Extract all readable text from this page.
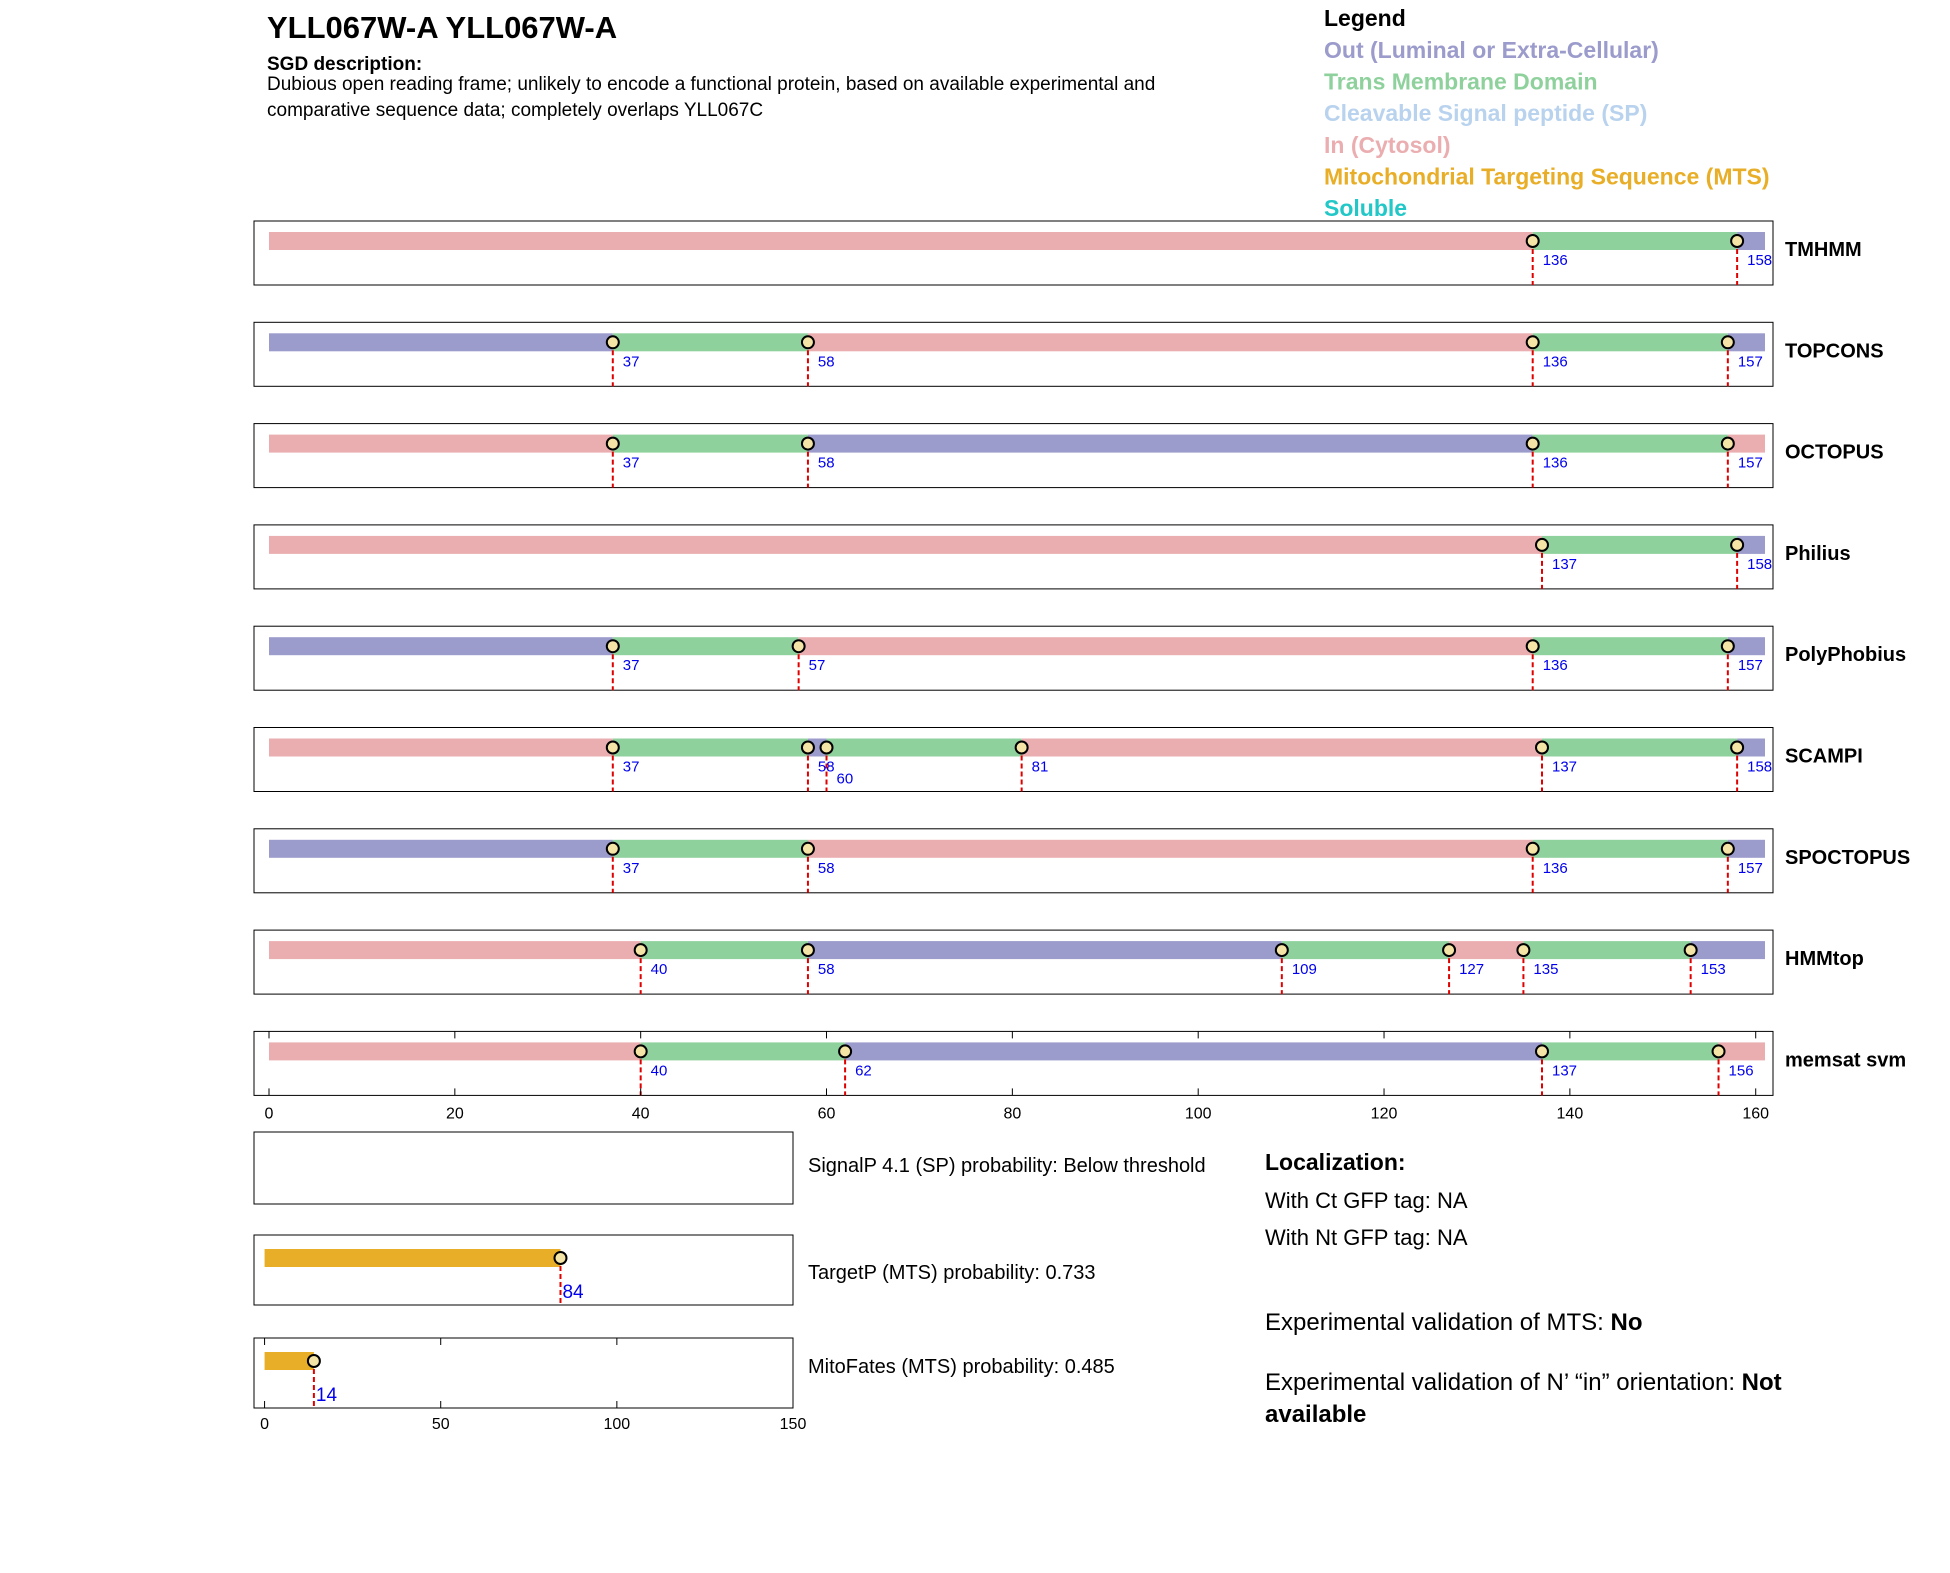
YLL067W-A YLL067W-A
SGD description:
Dubious open reading frame; unlikely to encode a functional protein, based on available experimental and
comparative sequence data; completely overlaps YLL067C
Legend
Out (Luminal or Extra-Cellular)
Trans Membrane Domain
Cleavable Signal peptide (SP)
In (Cytosol)
Mitochondrial Targeting Sequence (MTS)
Soluble
136	158 TMHMM
37	58	136	157 TOPCONS
37	58	136	157 OCTOPUS
137	158 Philius
37	57	136	157 PolyPhobius
37	58
60
81	137	158 SCAMPI
37	58	136	157 SPOCTOPUS
40	58	109	127	135	153	HMMtop
40	62	137	156 memsat svm
0	20	40	60	80	100	120	140	160
SignalP 4.1 (SP) probability: Below threshold
84
TargetP (MTS) probability: 0.733
14
MitoFates (MTS) probability: 0.485
0	50	100	150
Localization:
With Ct GFP tag: NA
With Nt GFP tag: NA
Experimental validation of MTS: No
Experimental validation of N’ “in” orientation: Not
available
